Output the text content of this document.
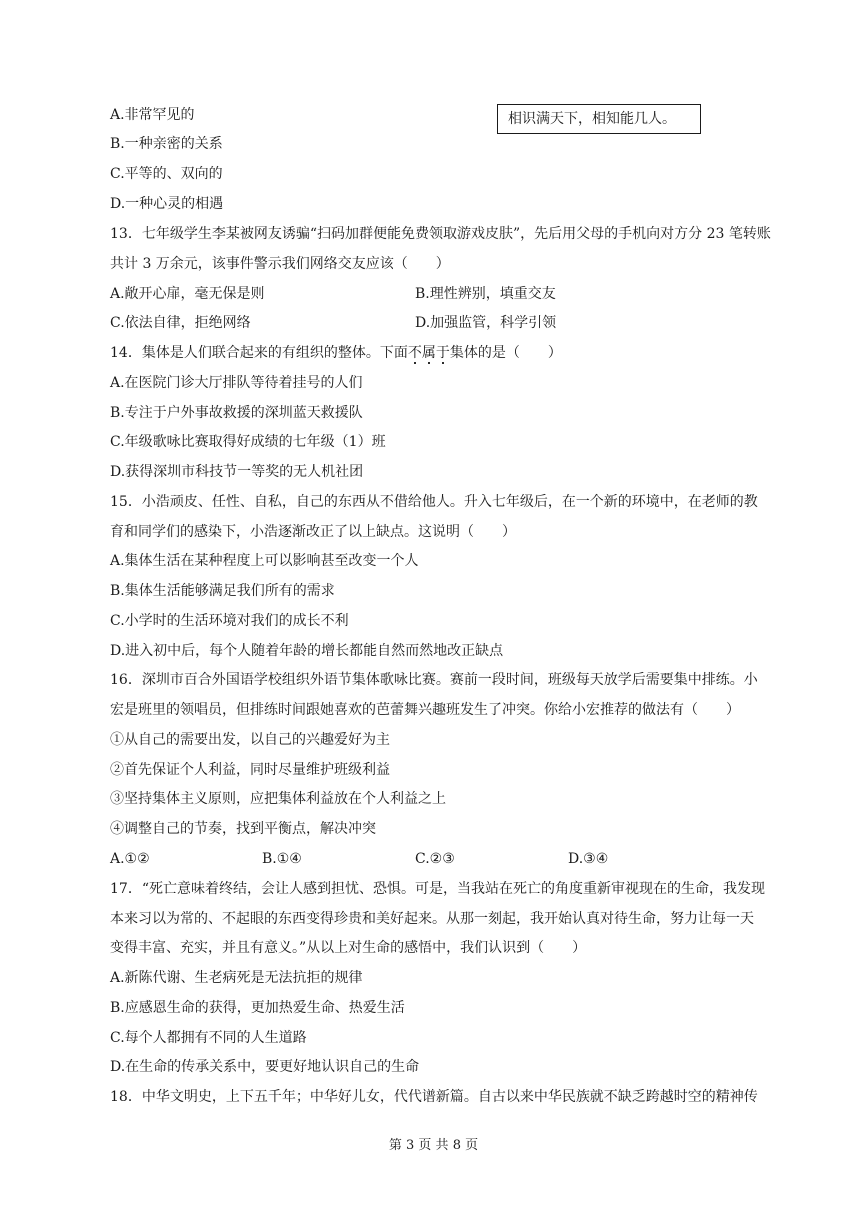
相识满天下，相知能几人。
A.非常罕见的
B.一种亲密的关系
C.平等的、双向的
D.一种心灵的相遇
13．七年级学生李某被网友诱骗“扫码加群便能免费领取游戏皮肤”，先后用父母的手机向对方分 23 笔转账
共计 3 万余元，该事件警示我们网络交友应该（　　）
A.敞开心扉，毫无保是则	B.理性辨别，填重交友
C.依法自律，拒绝网络	D.加强监管，科学引领
14．集体是人们联合起来的有组织的整体。下面不属于集体的是（　　）
A.在医院门诊大厅排队等待着挂号的人们
B.专注于户外事故救援的深圳蓝天救援队
C.年级歌咏比赛取得好成绩的七年级（1）班
D.获得深圳市科技节一等奖的无人机社团
15．小浩顽皮、任性、自私，自己的东西从不借给他人。升入七年级后，在一个新的环境中，在老师的教
育和同学们的感染下，小浩逐渐改正了以上缺点。这说明（　　）
A.集体生活在某种程度上可以影响甚至改变一个人
B.集体生活能够满足我们所有的需求
C.小学时的生活环境对我们的成长不利
D.进入初中后，每个人随着年龄的增长都能自然而然地改正缺点
16．深圳市百合外国语学校组织外语节集体歌咏比赛。赛前一段时间，班级每天放学后需要集中排练。小
宏是班里的领唱员，但排练时间跟她喜欢的芭蕾舞兴趣班发生了冲突。你给小宏推荐的做法有（　　）
①从自己的需要出发，以自己的兴趣爱好为主
②首先保证个人利益，同时尽量维护班级利益
③坚持集体主义原则，应把集体利益放在个人利益之上
④调整自己的节奏，找到平衡点，解决冲突
A.①②	B.①④	C.②③	D.③④
17．“死亡意味着终结，会让人感到担忧、恐惧。可是，当我站在死亡的角度重新审视现在的生命，我发现
本来习以为常的、不起眼的东西变得珍贵和美好起来。从那一刻起，我开始认真对待生命，努力让每一天
变得丰富、充实，并且有意义。”从以上对生命的感悟中，我们认识到（　　）
A.新陈代谢、生老病死是无法抗拒的规律
B.应感恩生命的获得，更加热爱生命、热爱生活
C.每个人都拥有不同的人生道路
D.在生命的传承关系中，要更好地认识自己的生命
18．中华文明史，上下五千年；中华好儿女，代代谱新篇。自古以来中华民族就不缺乏跨越时空的精神传
第 3 页 共 8 页
